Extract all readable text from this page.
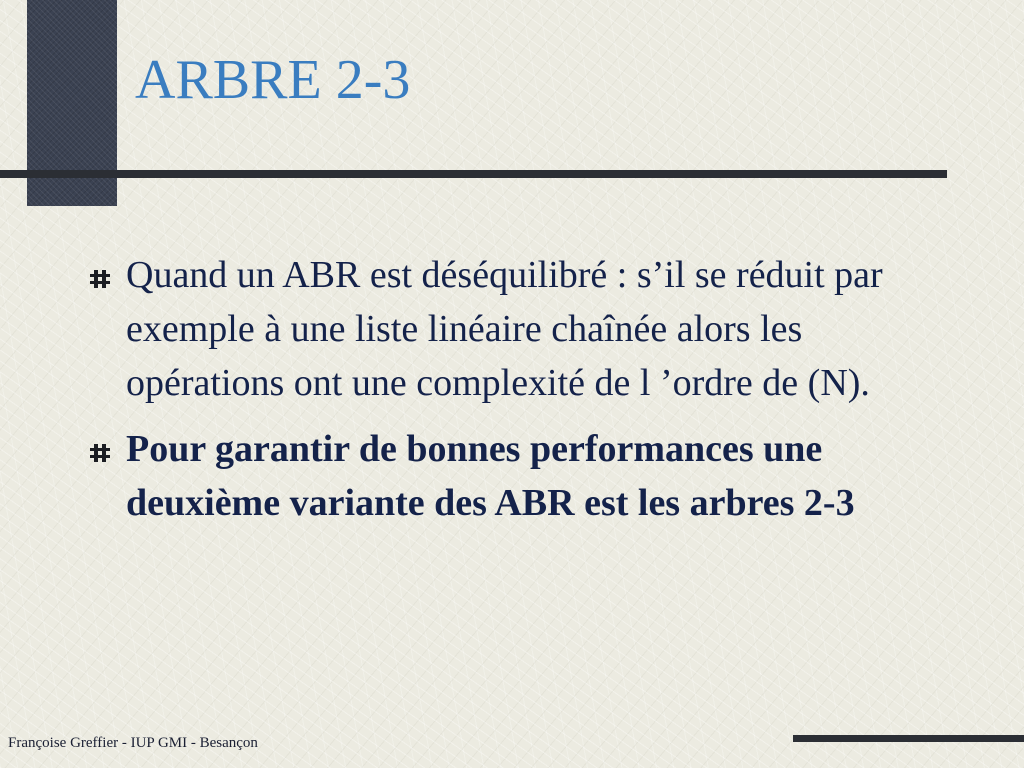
ARBRE 2-3
Quand un ABR est déséquilibré : s’il se réduit par exemple à une liste linéaire chaînée alors les opérations ont une complexité de l ’ordre de (N).
Pour garantir de bonnes performances une deuxième variante des ABR est les arbres 2-3
Françoise Greffier - IUP GMI - Besançon
